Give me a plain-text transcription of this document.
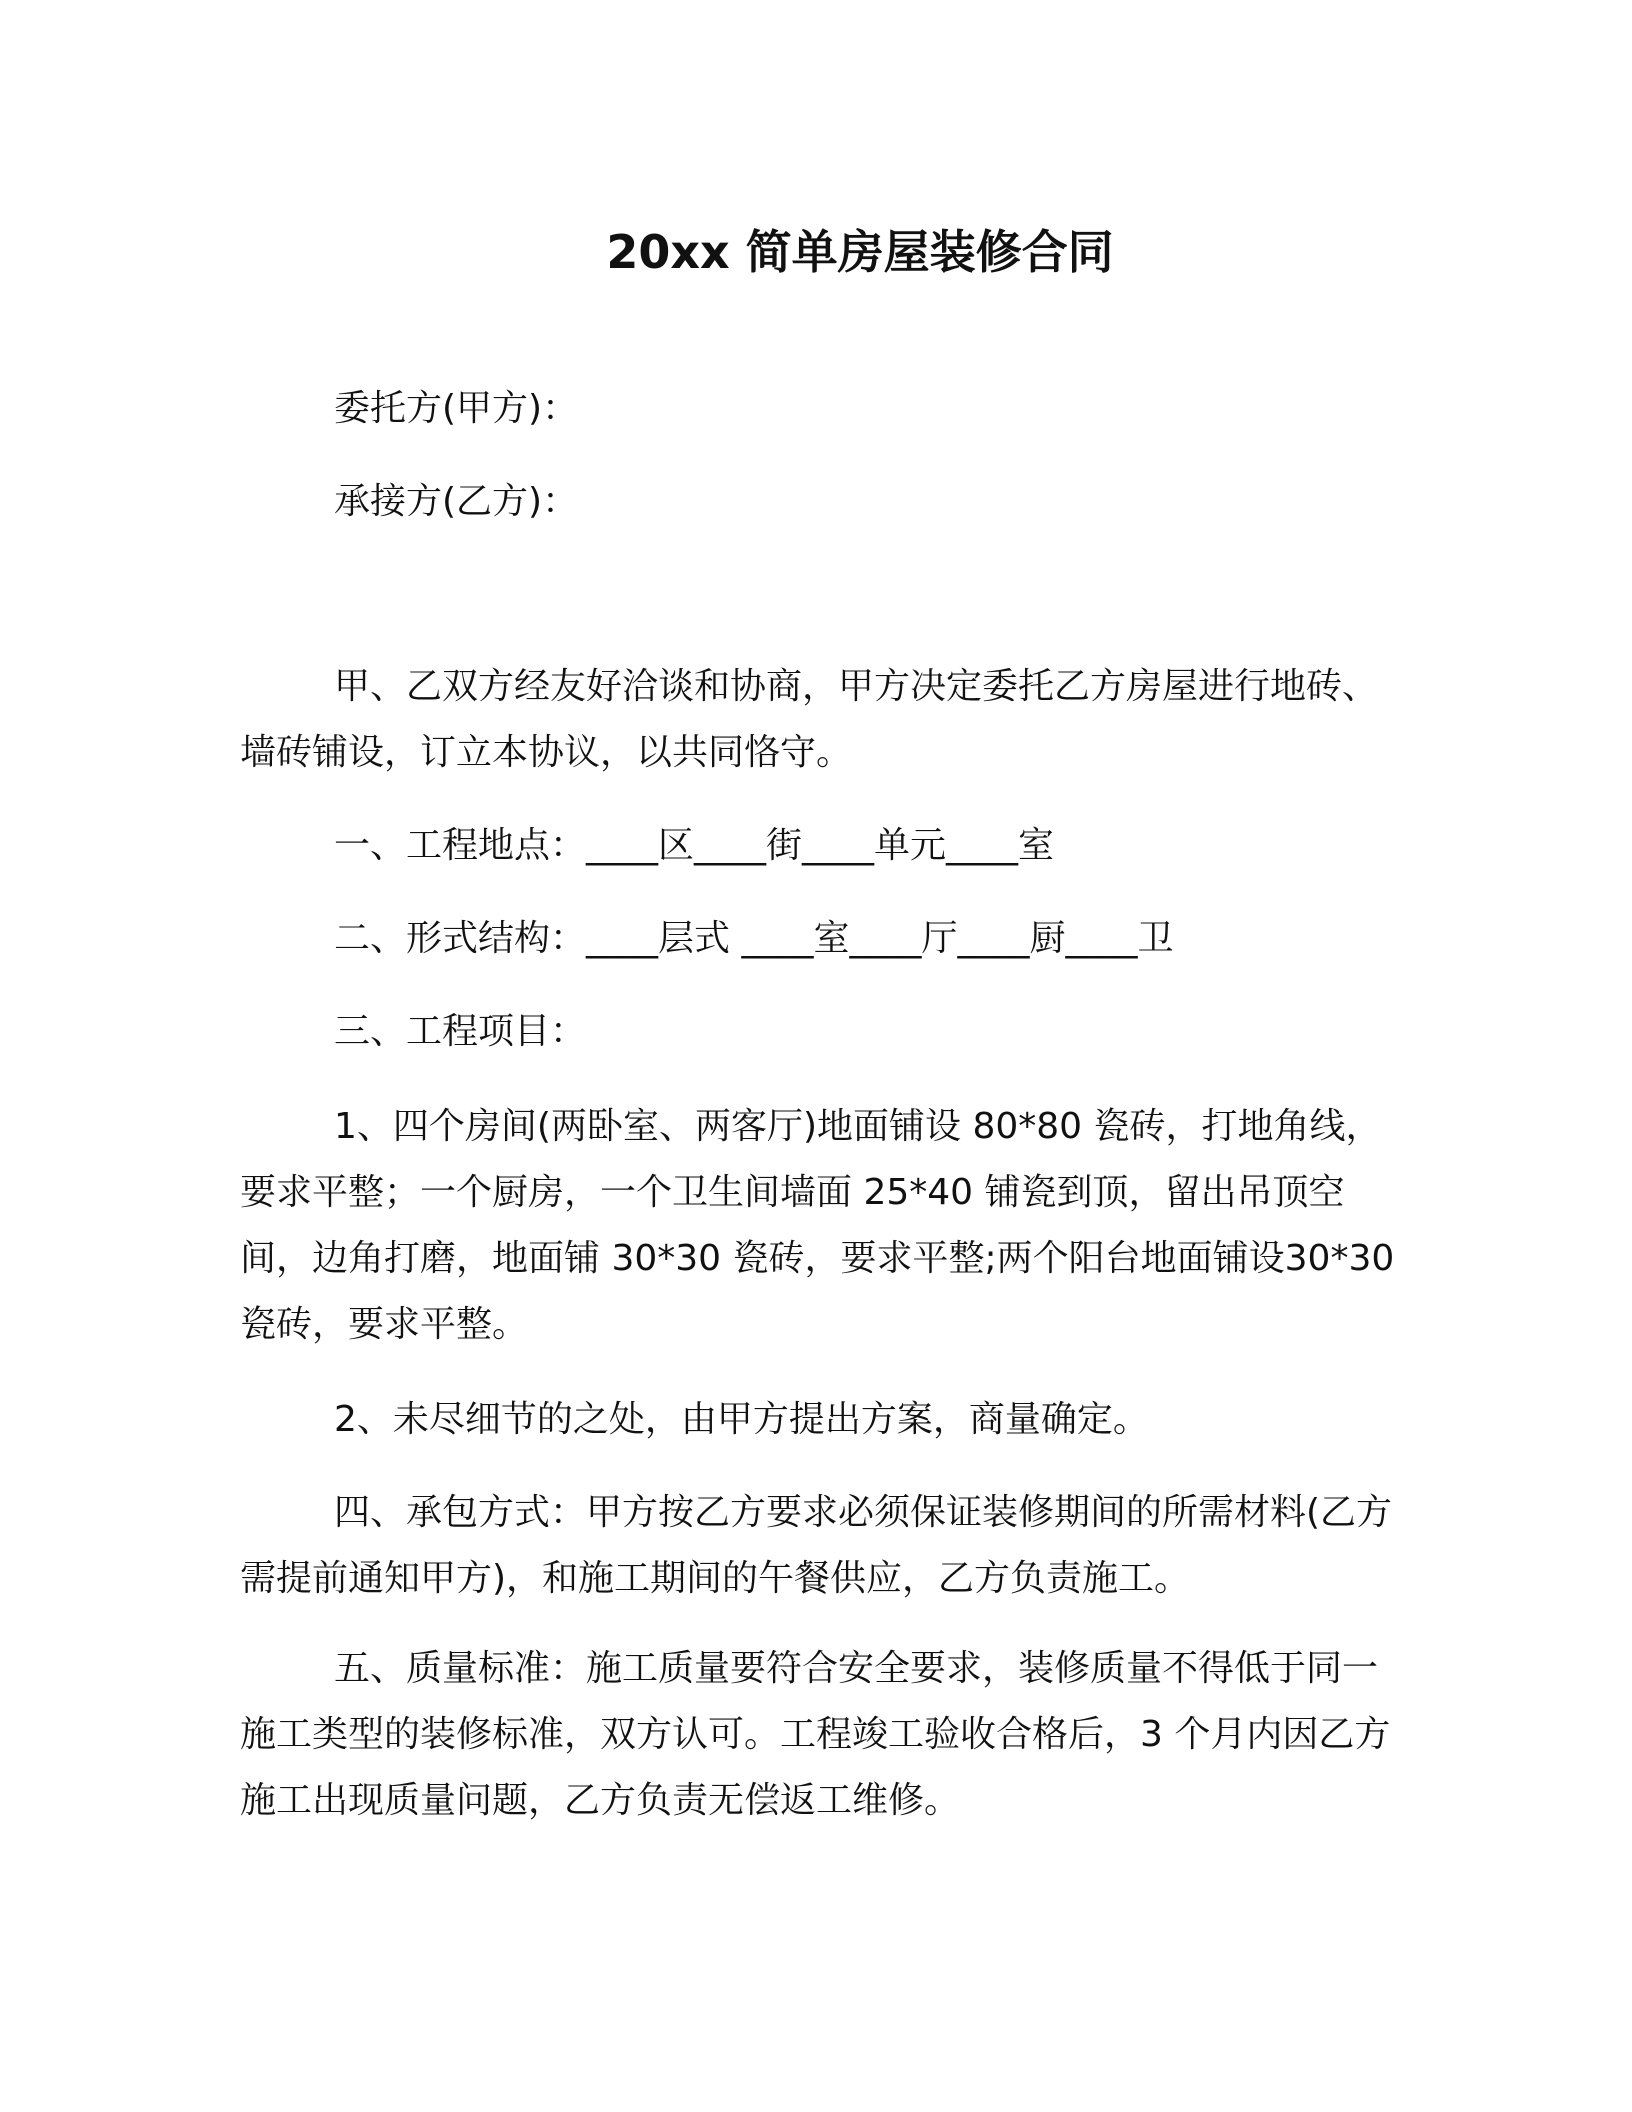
20xx 简单房屋装修合同
委托方(甲方)：
承接方(乙方)：
甲、乙双方经友好洽谈和协商，甲方决定委托乙方房屋进行地砖、墙砖铺设，订立本协议，以共同恪守。
一、工程地点：____区____街____单元____室
二、形式结构：____层式 ____室____厅____厨____卫
三、工程项目：
1、四个房间(两卧室、两客厅)地面铺设 80*80 瓷砖，打地角线，要求平整；一个厨房，一个卫生间墙面 25*40 铺瓷到顶，留出吊顶空间，边角打磨，地面铺 30*30 瓷砖，要求平整;两个阳台地面铺设30*30 瓷砖，要求平整。
2、未尽细节的之处，由甲方提出方案，商量确定。
四、承包方式：甲方按乙方要求必须保证装修期间的所需材料(乙方需提前通知甲方)，和施工期间的午餐供应，乙方负责施工。
五、质量标准：施工质量要符合安全要求，装修质量不得低于同一施工类型的装修标准，双方认可。工程竣工验收合格后，3 个月内因乙方施工出现质量问题，乙方负责无偿返工维修。
